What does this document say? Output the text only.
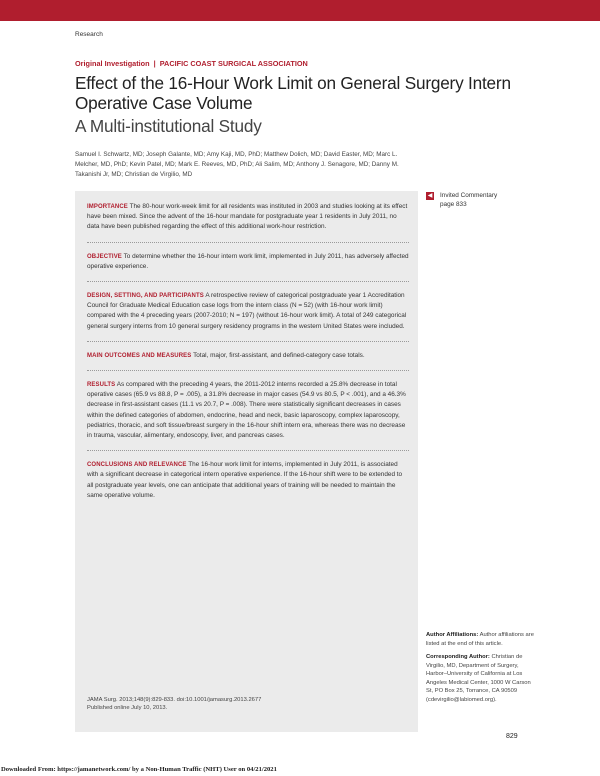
Research
Original Investigation | PACIFIC COAST SURGICAL ASSOCIATION
Effect of the 16-Hour Work Limit on General Surgery Intern Operative Case Volume
A Multi-institutional Study
Samuel I. Schwartz, MD; Joseph Galante, MD; Amy Kaji, MD, PhD; Matthew Dolich, MD; David Easter, MD; Marc L. Melcher, MD, PhD; Kevin Patel, MD; Mark E. Reeves, MD, PhD; Ali Salim, MD; Anthony J. Senagore, MD; Danny M. Takanishi Jr, MD; Christian de Virgilio, MD

IMPORTANCE The 80-hour work-week limit for all residents was instituted in 2003 and studies looking at its effect have been mixed. Since the advent of the 16-hour mandate for postgraduate year 1 residents in July 2011, no data have been published regarding the effect of this additional work-hour restriction.

OBJECTIVE To determine whether the 16-hour intern work limit, implemented in July 2011, has adversely affected operative experience.

DESIGN, SETTING, AND PARTICIPANTS A retrospective review of categorical postgraduate year 1 Accreditation Council for Graduate Medical Education case logs from the intern class (N = 52) (with 16-hour work limit) compared with the 4 preceding years (2007-2010; N = 197) (without 16-hour work limit). A total of 249 categorical general surgery interns from 10 general surgery residency programs in the western United States were included.

MAIN OUTCOMES AND MEASURES Total, major, first-assistant, and defined-category case totals.

RESULTS As compared with the preceding 4 years, the 2011-2012 interns recorded a 25.8% decrease in total operative cases (65.9 vs 88.8, P = .005), a 31.8% decrease in major cases (54.9 vs 80.5, P < .001), and a 46.3% decrease in first-assistant cases (11.1 vs 20.7, P = .008). There were statistically significant decreases in cases within the defined categories of abdomen, endocrine, head and neck, basic laparoscopy, complex laparoscopy, pediatrics, thoracic, and soft tissue/breast surgery in the 16-hour shift intern era, whereas there was no decrease in trauma, vascular, alimentary, endoscopy, liver, and pancreas cases.

CONCLUSIONS AND RELEVANCE The 16-hour work limit for interns, implemented in July 2011, is associated with a significant decrease in categorical intern operative experience. If the 16-hour shift were to be extended to all postgraduate year levels, one can anticipate that additional years of training will be needed to maintain the same operative volume.

JAMA Surg. 2013;148(9):829-833. doi:10.1001/jamasurg.2013.2677
Published online July 10, 2013.
◀ Invited Commentary
page 833

Author Affiliations: Author affiliations are listed at the end of this article.

Corresponding Author: Christian de Virgilio, MD, Department of Surgery, Harbor–University of California at Los Angeles Medical Center, 1000 W Carson St, PO Box 25, Torrance, CA 90509 (cdevirgilio@labiomed.org).

829
Downloaded From: https://jamanetwork.com/ by a Non-Human Traffic (NHT) User on 04/21/2021
